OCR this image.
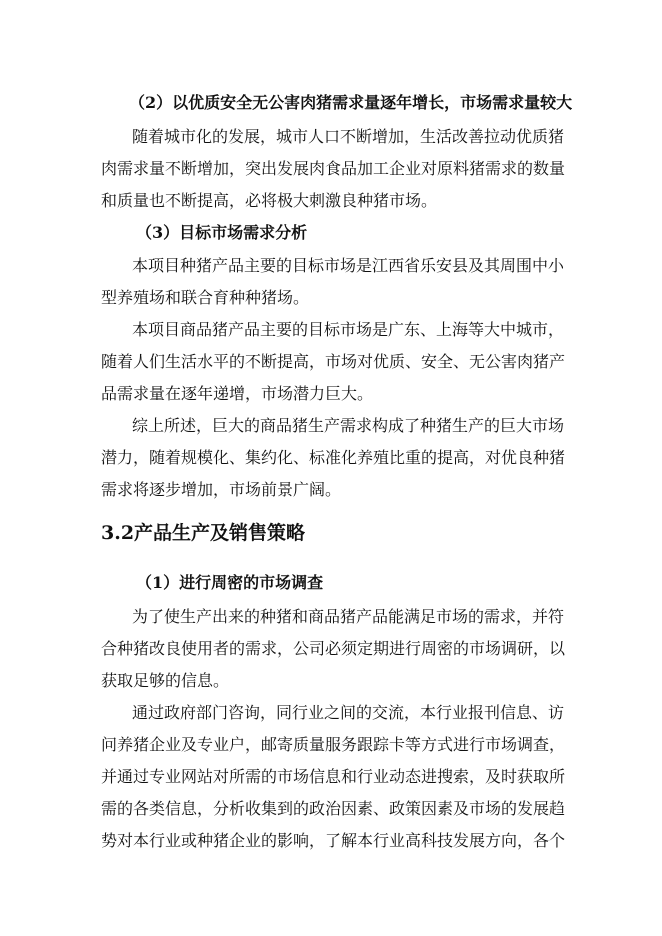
（2）以优质安全无公害肉猪需求量逐年增长，市场需求量较大
随着城市化的发展，城市人口不断增加，生活改善拉动优质猪
肉需求量不断增加，突出发展肉食品加工企业对原料猪需求的数量
和质量也不断提高，必将极大刺激良种猪市场。
（3）目标市场需求分析
本项目种猪产品主要的目标市场是江西省乐安县及其周围中小
型养殖场和联合育种种猪场。
本项目商品猪产品主要的目标市场是广东、上海等大中城市，
随着人们生活水平的不断提高，市场对优质、安全、无公害肉猪产
品需求量在逐年递增，市场潜力巨大。
综上所述，巨大的商品猪生产需求构成了种猪生产的巨大市场
潜力，随着规模化、集约化、标准化养殖比重的提高，对优良种猪
需求将逐步增加，市场前景广阔。
3.2产品生产及销售策略
（1）进行周密的市场调查
为了使生产出来的种猪和商品猪产品能满足市场的需求，并符
合种猪改良使用者的需求，公司必须定期进行周密的市场调研，以
获取足够的信息。
通过政府部门咨询，同行业之间的交流，本行业报刊信息、访
问养猪企业及专业户，邮寄质量服务跟踪卡等方式进行市场调查，
并通过专业网站对所需的市场信息和行业动态进搜索，及时获取所
需的各类信息，分析收集到的政治因素、政策因素及市场的发展趋
势对本行业或种猪企业的影响，了解本行业高科技发展方向，各个
